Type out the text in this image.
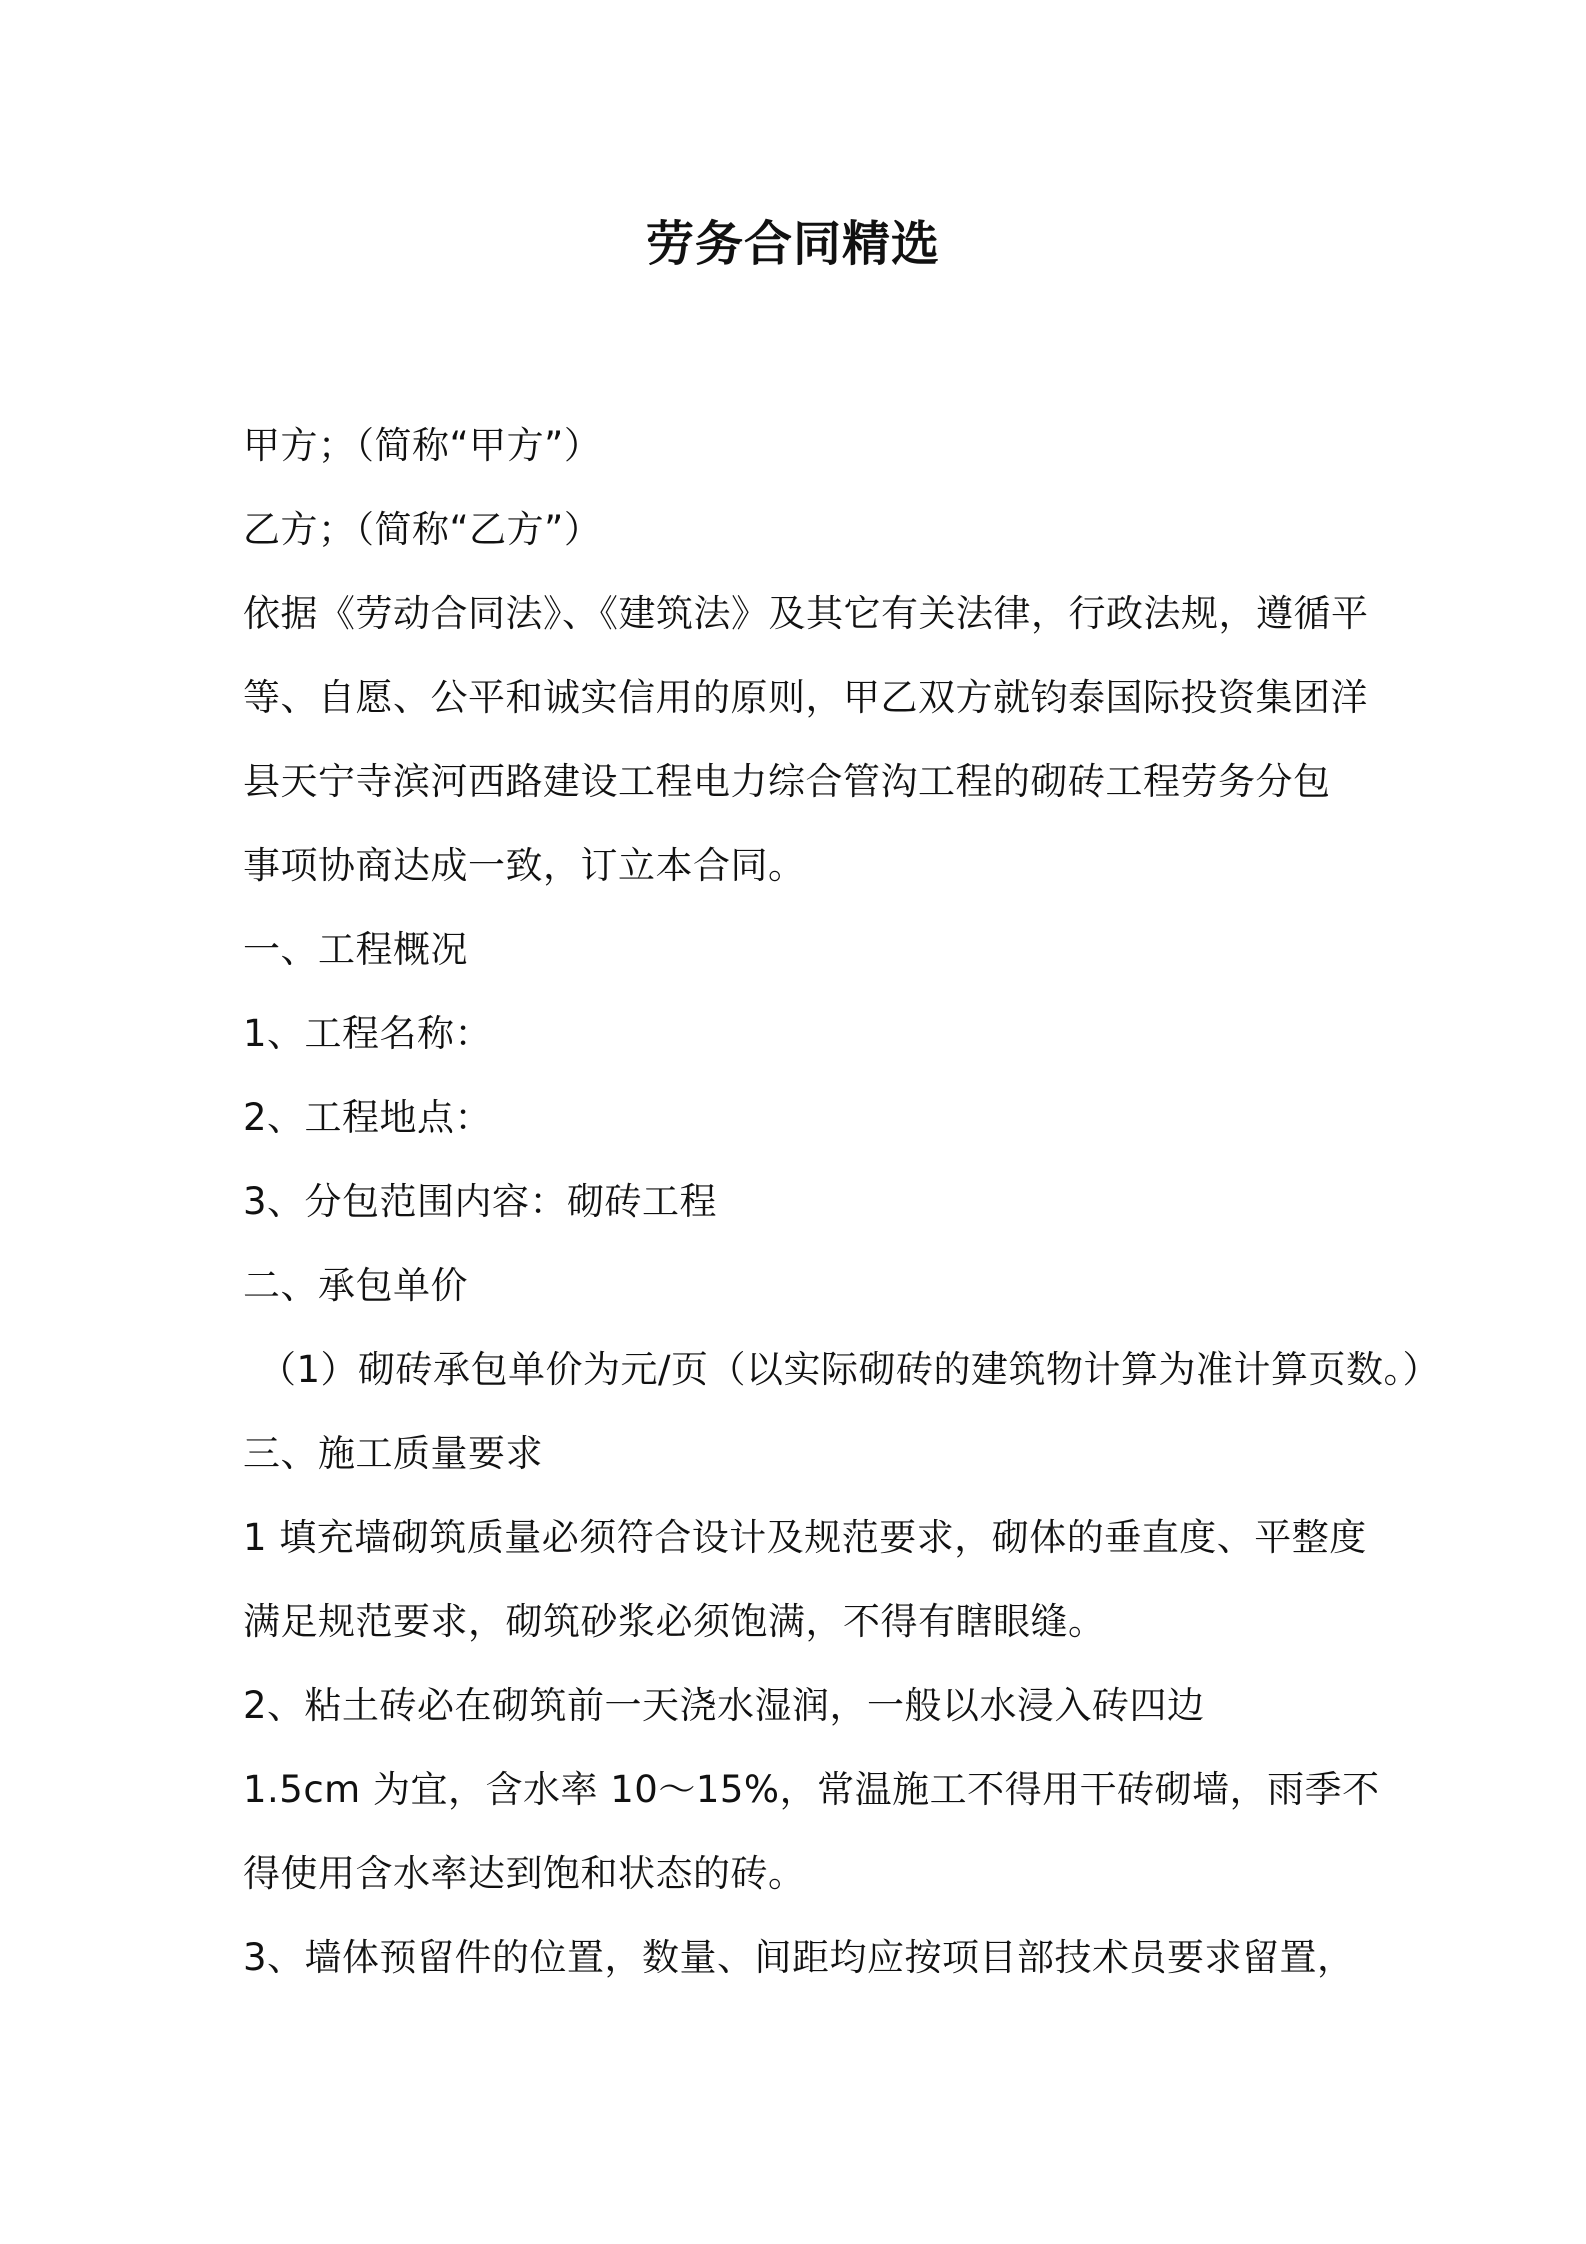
劳务合同精选
甲方；（简称“甲方”）
乙方；（简称“乙方”）
依据《劳动合同法》、《建筑法》及其它有关法律，行政法规，遵循平
等、自愿、公平和诚实信用的原则，甲乙双方就钧泰国际投资集团洋
县天宁寺滨河西路建设工程电力综合管沟工程的砌砖工程劳务分包
事项协商达成一致，订立本合同。
一、工程概况
1、工程名称：
2、工程地点：
3、分包范围内容：砌砖工程
二、承包单价
（1）砌砖承包单价为元/页（以实际砌砖的建筑物计算为准计算页数。）
三、施工质量要求
1 填充墙砌筑质量必须符合设计及规范要求，砌体的垂直度、平整度
满足规范要求，砌筑砂浆必须饱满，不得有瞎眼缝。
2、粘土砖必在砌筑前一天浇水湿润，一般以水浸入砖四边
1.5cm 为宜，含水率 10～15%，常温施工不得用干砖砌墙，雨季不
得使用含水率达到饱和状态的砖。
3、墙体预留件的位置，数量、间距均应按项目部技术员要求留置，
